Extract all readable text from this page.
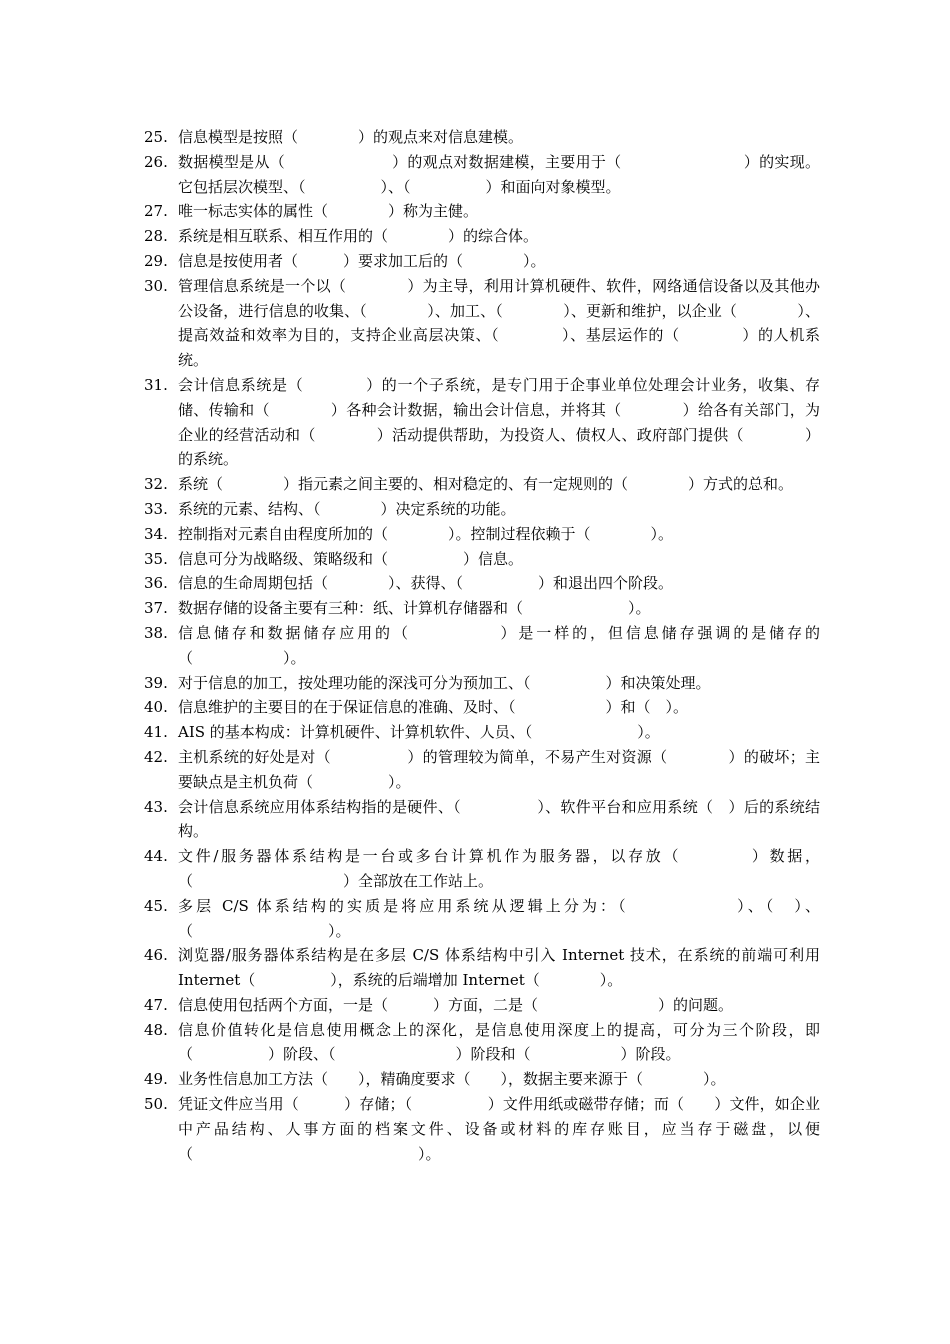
25. 信息模型是按照（　　　　）的观点来对信息建模。
26. 数据模型是从（　　　　　　　）的观点对数据建模，主要用于（　　　　　　　　）的实现。它包括层次模型、（　　　　　）、（　　　　　）和面向对象模型。
27. 唯一标志实体的属性（　　　　）称为主健。
28. 系统是相互联系、相互作用的（　　　　）的综合体。
29. 信息是按使用者（　　　）要求加工后的（　　　　）。
30. 管理信息系统是一个以（　　　　）为主导，利用计算机硬件、软件，网络通信设备以及其他办公设备，进行信息的收集、（　　　　）、加工、（　　　　）、更新和维护，以企业（　　　　）、提高效益和效率为目的，支持企业高层决策、（　　　　）、基层运作的（　　　　）的人机系统。
31. 会计信息系统是（　　　　）的一个子系统，是专门用于企事业单位处理会计业务，收集、存储、传输和（　　　　）各种会计数据，输出会计信息，并将其（　　　　）给各有关部门，为企业的经营活动和（　　　　）活动提供帮助，为投资人、债权人、政府部门提供（　　　　）的系统。
32. 系统（　　　　）指元素之间主要的、相对稳定的、有一定规则的（　　　　）方式的总和。
33. 系统的元素、结构、（　　　　）决定系统的功能。
34. 控制指对元素自由程度所加的（　　　　）。控制过程依赖于（　　　　）。
35. 信息可分为战略级、策略级和（　　　　　）信息。
36. 信息的生命周期包括（　　　　）、获得、（　　　　　）和退出四个阶段。
37. 数据存储的设备主要有三种：纸、计算机存储器和（　　　　　　　）。
38. 信息储存和数据储存应用的（　　　　　）是一样的，但信息储存强调的是储存的（　　　　　　）。
39. 对于信息的加工，按处理功能的深浅可分为预加工、（　　　　　）和决策处理。
40. 信息维护的主要目的在于保证信息的准确、及时、（　　　　　　）和（　）。
41. AIS 的基本构成：计算机硬件、计算机软件、人员、（　　　　　　　）。
42. 主机系统的好处是对（　　　　　）的管理较为简单，不易产生对资源（　　　　）的破坏；主要缺点是主机负荷（　　　　　）。
43. 会计信息系统应用体系结构指的是硬件、（　　　　　）、软件平台和应用系统（　）后的系统结构。
44. 文件/服务器体系结构是一台或多台计算机作为服务器，以存放（　　　　）数据，（　　　　　　　　　　）全部放在工作站上。
45. 多层 C/S 体系结构的实质是将应用系统从逻辑上分为：（　　　　　　）、（　）、（　　　　　　　　　）。
46. 浏览器/服务器体系结构是在多层 C/S 体系结构中引入 Internet 技术，在系统的前端可利用 Internet（　　　　　），系统的后端增加 Internet（　　　　）。
47. 信息使用包括两个方面，一是（　　　）方面，二是（　　　　　　　　）的问题。
48. 信息价值转化是信息使用概念上的深化，是信息使用深度上的提高，可分为三个阶段，即（　　　　　）阶段、（　　　　　　　　）阶段和（　　　　　　）阶段。
49. 业务性信息加工方法（　　），精确度要求（　　），数据主要来源于（　　　　）。
50. 凭证文件应当用（　　　）存储；（　　　　　）文件用纸或磁带存储；而（　　）文件，如企业中产品结构、人事方面的档案文件、设备或材料的库存账目，应当存于磁盘，以便（　　　　　　　　　　　　　　　）。
